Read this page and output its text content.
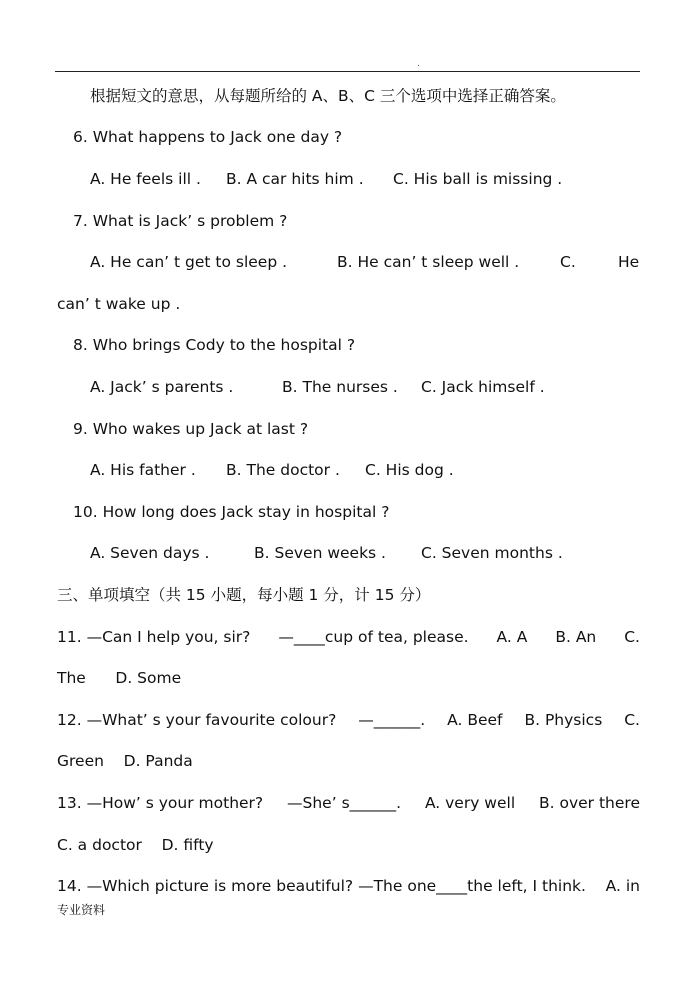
.
根据短文的意思，从每题所给的 A、B、C 三个选项中选择正确答案。
6. What happens to Jack one day ?
A. He feels ill . B. A car hits him . C. His ball is missing .
7. What is Jack’ s problem ?
A. He can’ t get to sleep .	B. He can’ t sleep well .	C.	He
can’ t wake up .
8. Who brings Cody to the hospital ?
A. Jack’ s parents .	B. The nurses . C. Jack himself .
9. Who wakes up Jack at last ?
A. His father . B. The doctor . C. His dog .
10. How long does Jack stay in hospital ?
A. Seven days .	B. Seven weeks . C. Seven months .
三、单项填空（共 15 小题，每小题 1 分，计 15 分）
11. —Can I help you, sir? —____cup of tea, please. A. A B. An C.
The      D. Some
12. —What’ s your favourite colour? —______. A. Beef B. Physics C.
Green    D. Panda
13. —How’ s your mother? —She’ s______. A. very well B. over there
C. a doctor    D. fifty
14. —Which picture is more beautiful? —The one____the left, I think. A. in
专业资料
